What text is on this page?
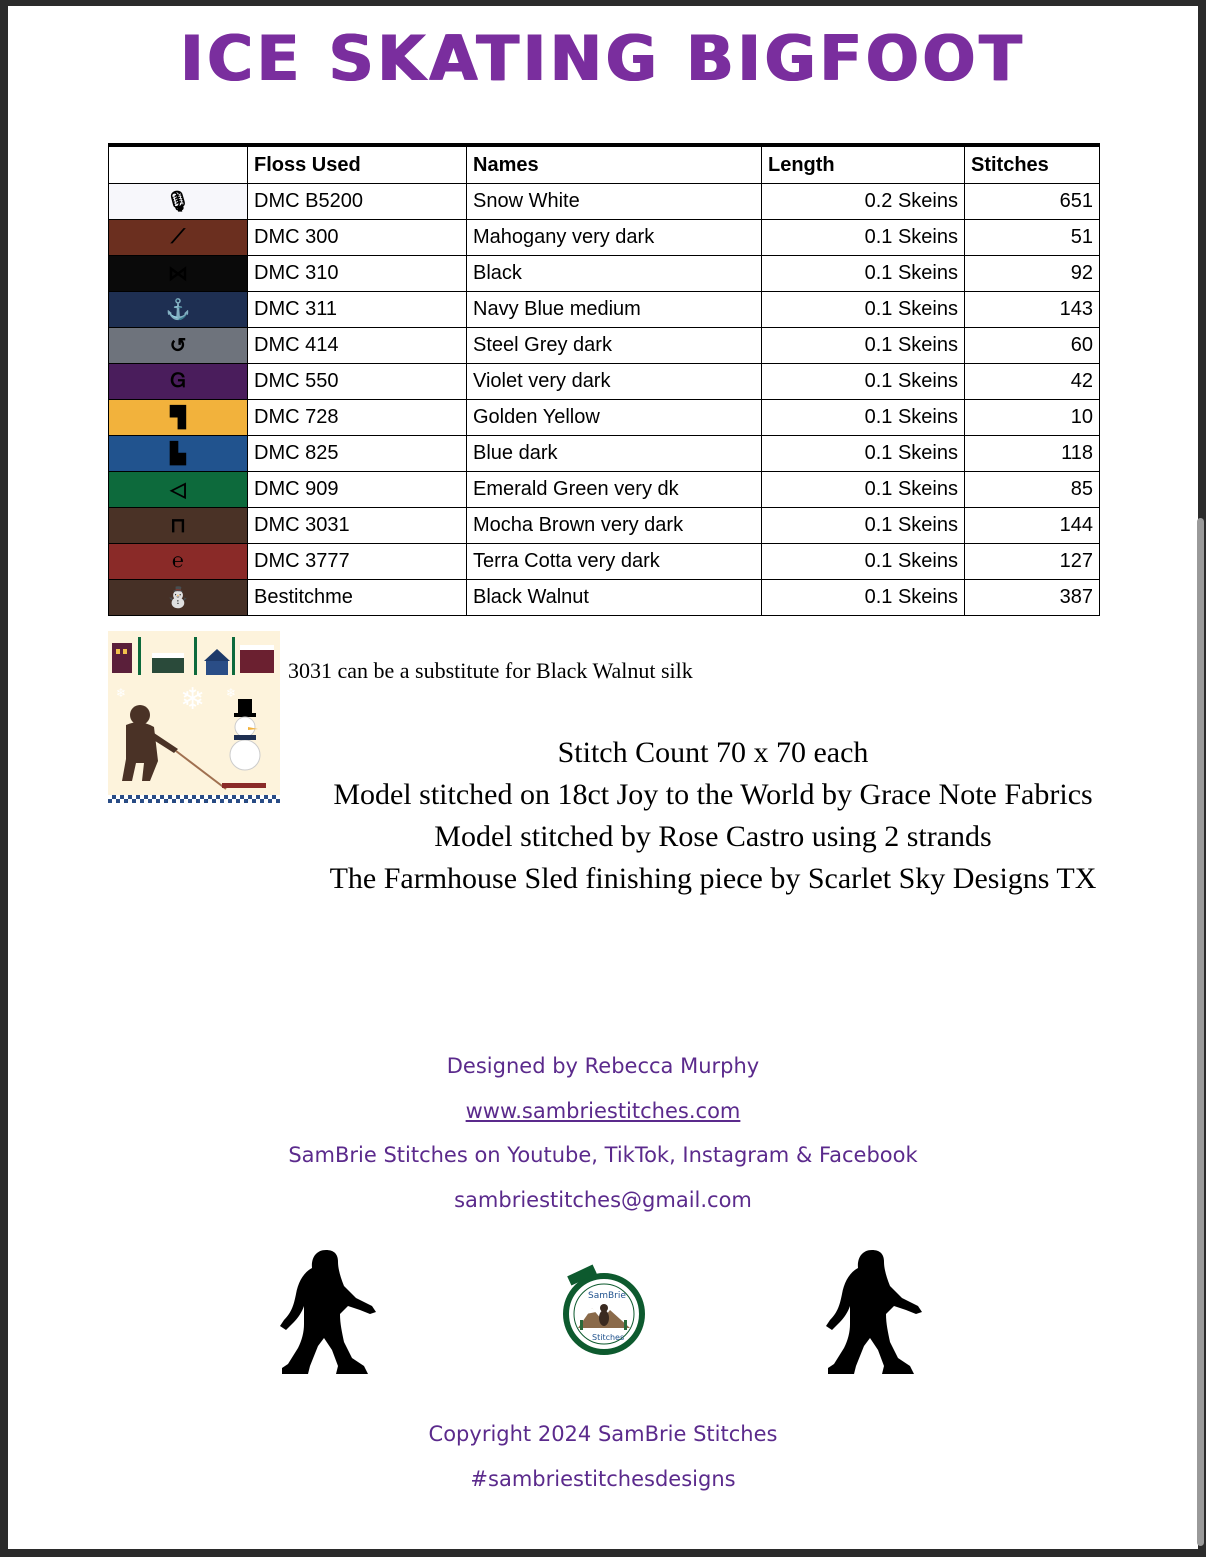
ICE SKATING BIGFOOT
	Floss Used	Names	Length	Stitches
🎙	DMC B5200	Snow White	0.2 Skeins	651
⟋	DMC 300	Mahogany very dark	0.1 Skeins	51
⋈	DMC 310	Black	0.1 Skeins	92
⚓	DMC 311	Navy Blue medium	0.1 Skeins	143
↺	DMC 414	Steel Grey dark	0.1 Skeins	60
Ꮐ	DMC 550	Violet very dark	0.1 Skeins	42
▜	DMC 728	Golden Yellow	0.1 Skeins	10
▙	DMC 825	Blue dark	0.1 Skeins	118
◁	DMC 909	Emerald Green very dk	0.1 Skeins	85
⊓	DMC 3031	Mocha Brown very dark	0.1 Skeins	144
℮	DMC 3777	Terra Cotta very dark	0.1 Skeins	127
⛄	Bestitchme	Black Walnut	0.1 Skeins	387
❄
❄	❄
3031 can be a substitute for Black Walnut silk
Stitch Count 70 x 70 each
Model stitched on 18ct Joy to the World by Grace Note Fabrics
Model stitched by Rose Castro using 2 strands
The Farmhouse Sled finishing piece by Scarlet Sky Designs TX
Designed by Rebecca Murphy
www.sambriestitches.com
SamBrie Stitches on Youtube, TikTok, Instagram & Facebook
sambriestitches@gmail.com
SamBrie
Stitches
Copyright 2024 SamBrie Stitches
#sambriestitchesdesigns
